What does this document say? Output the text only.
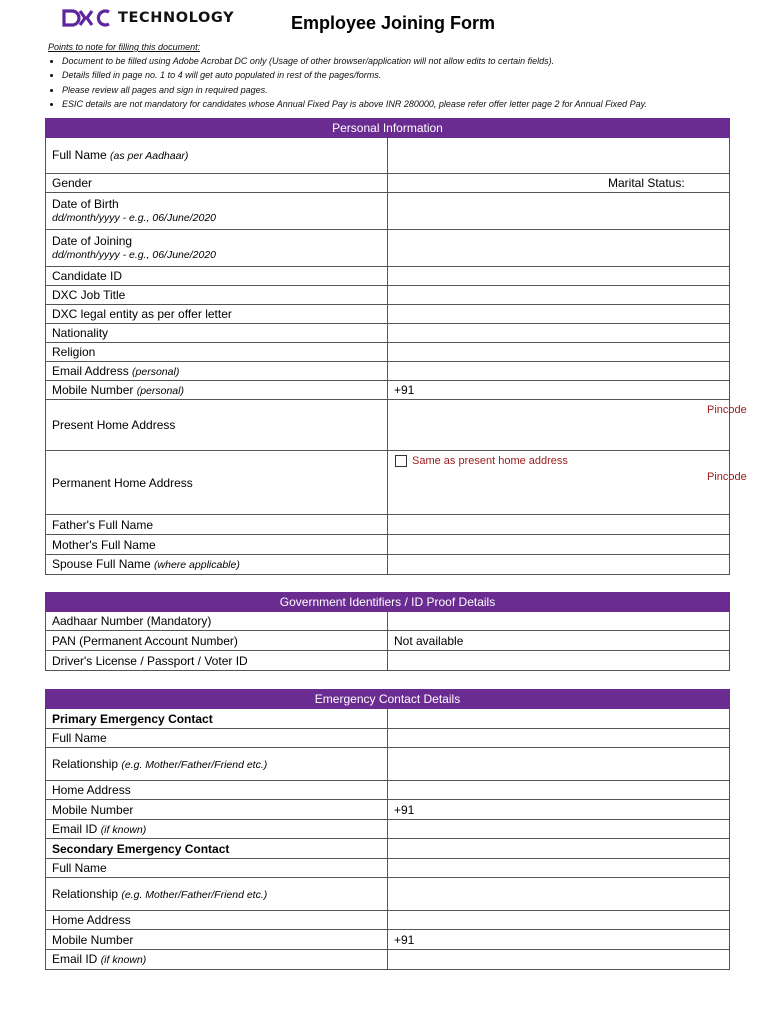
TECHNOLOGY	Employee Joining Form
Points to note for filling this document:
• Document to be filled using Adobe Acrobat DC only (Usage of other browser/application will not allow edits to certain fields).
• Details filled in page no. 1 to 4 will get auto populated in rest of the pages/forms.
• Please review all pages and sign in required pages.
• ESIC details are not mandatory for candidates whose Annual Fixed Pay is above INR 280000, please refer offer letter page 2 for Annual Fixed Pay.
Personal Information	
Full Name (as per Aadhaar)	
Gender	Marital Status:

Date of Birth
dd/month/yyyy - e.g., 06/June/2020	

Date of Joining
dd/month/yyyy - e.g., 06/June/2020	

Candidate ID	
DXC Job Title	
DXC legal entity as per offer letter	
Nationality	
Religion	
Email Address (personal)	
Mobile Number (personal)	+91
Present Home Address	Pincode

Permanent Home Address	Same as present home address
Pincode

Father's Full Name	
Mother's Full Name	
Spouse Full Name (where applicable)	
Government Identifiers / ID Proof Details	
Aadhaar Number (Mandatory)	
PAN (Permanent Account Number)	Not available
Driver's License / Passport / Voter ID	
Emergency Contact Details	
Primary Emergency Contact	
Full Name	
Relationship (e.g. Mother/Father/Friend etc.)	
Home Address	
Mobile Number	+91
Email ID (if known)	
Secondary Emergency Contact	
Full Name	
Relationship (e.g. Mother/Father/Friend etc.)	
Home Address	
Mobile Number	+91
Email ID (if known)	
